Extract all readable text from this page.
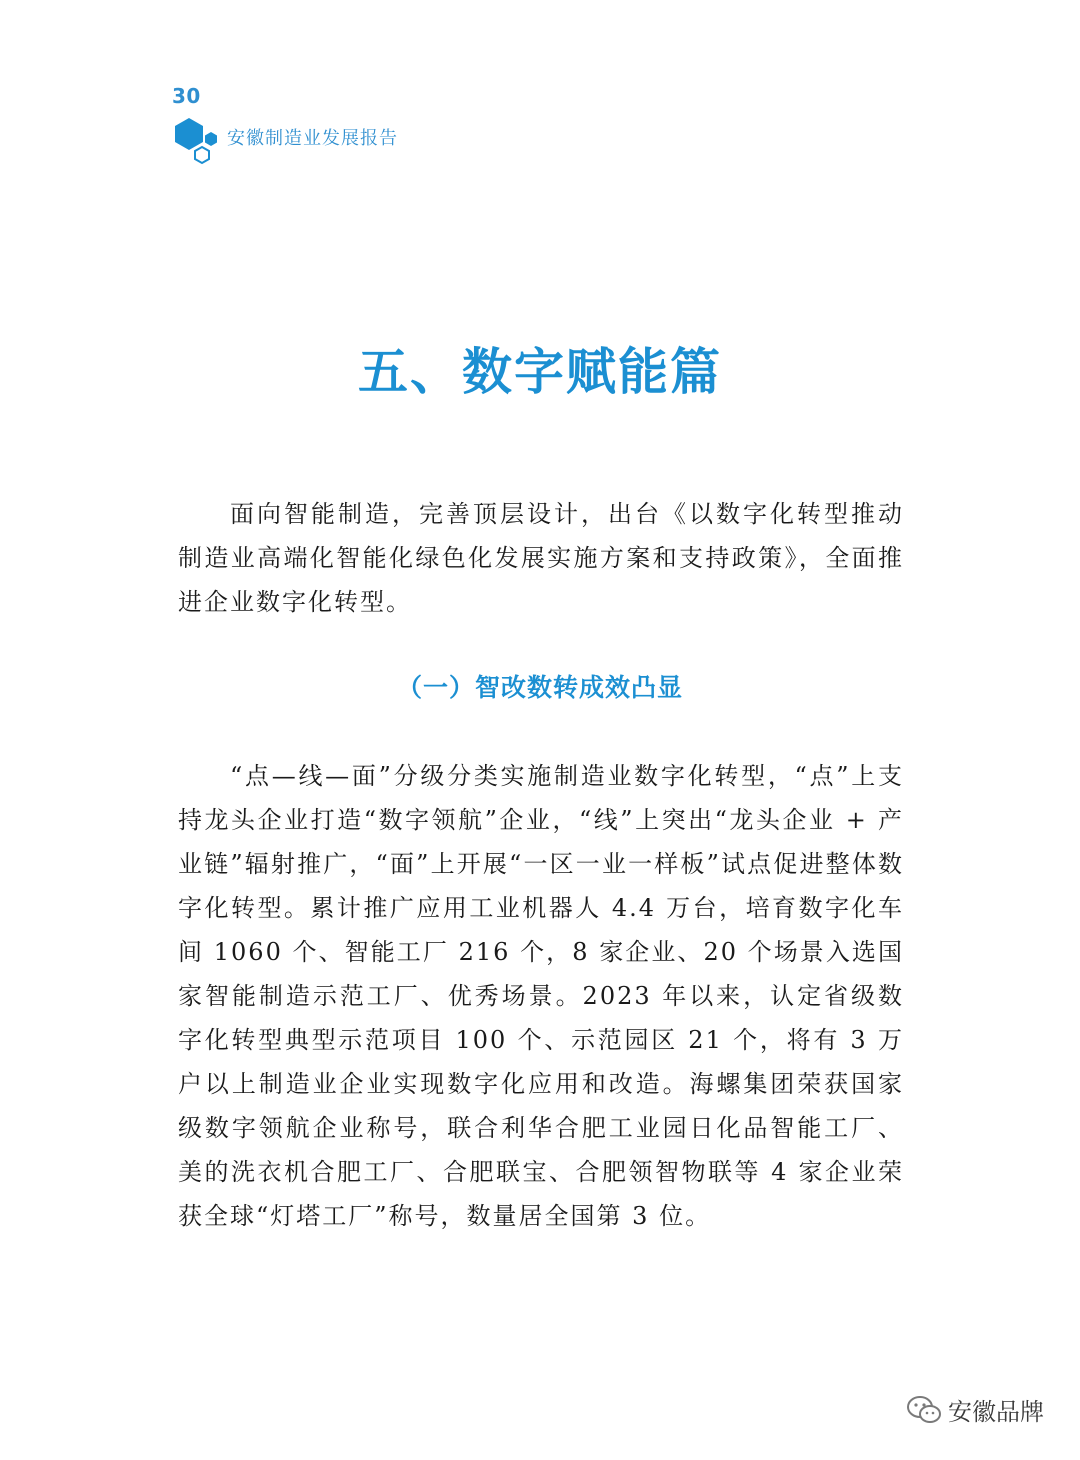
30
安徽制造业发展报告
五、数字赋能篇

面向智能制造，完善顶层设计，出台《以数字化转型推动制造业高端化智能化绿色化发展实施方案和支持政策》，全面推进企业数字化转型。

（一）智改数转成效凸显

“点—线—面”分级分类实施制造业数字化转型，“点”上支持龙头企业打造“数字领航”企业，“线”上突出“龙头企业 + 产业链”辐射推广，“面”上开展“一区一业一样板”试点促进整体数字化转型。累计推广应用工业机器人 4.4 万台，培育数字化车间 1060 个、智能工厂 216 个，8 家企业、20 个场景入选国家智能制造示范工厂、优秀场景。2023 年以来，认定省级数字化转型典型示范项目 100 个、示范园区 21 个，将有 3 万户以上制造业企业实现数字化应用和改造。海螺集团荣获国家级数字领航企业称号，联合利华合肥工业园日化品智能工厂、美的洗衣机合肥工厂、合肥联宝、合肥领智物联等 4 家企业荣获全球“灯塔工厂”称号，数量居全国第 3 位。

安徽品牌
